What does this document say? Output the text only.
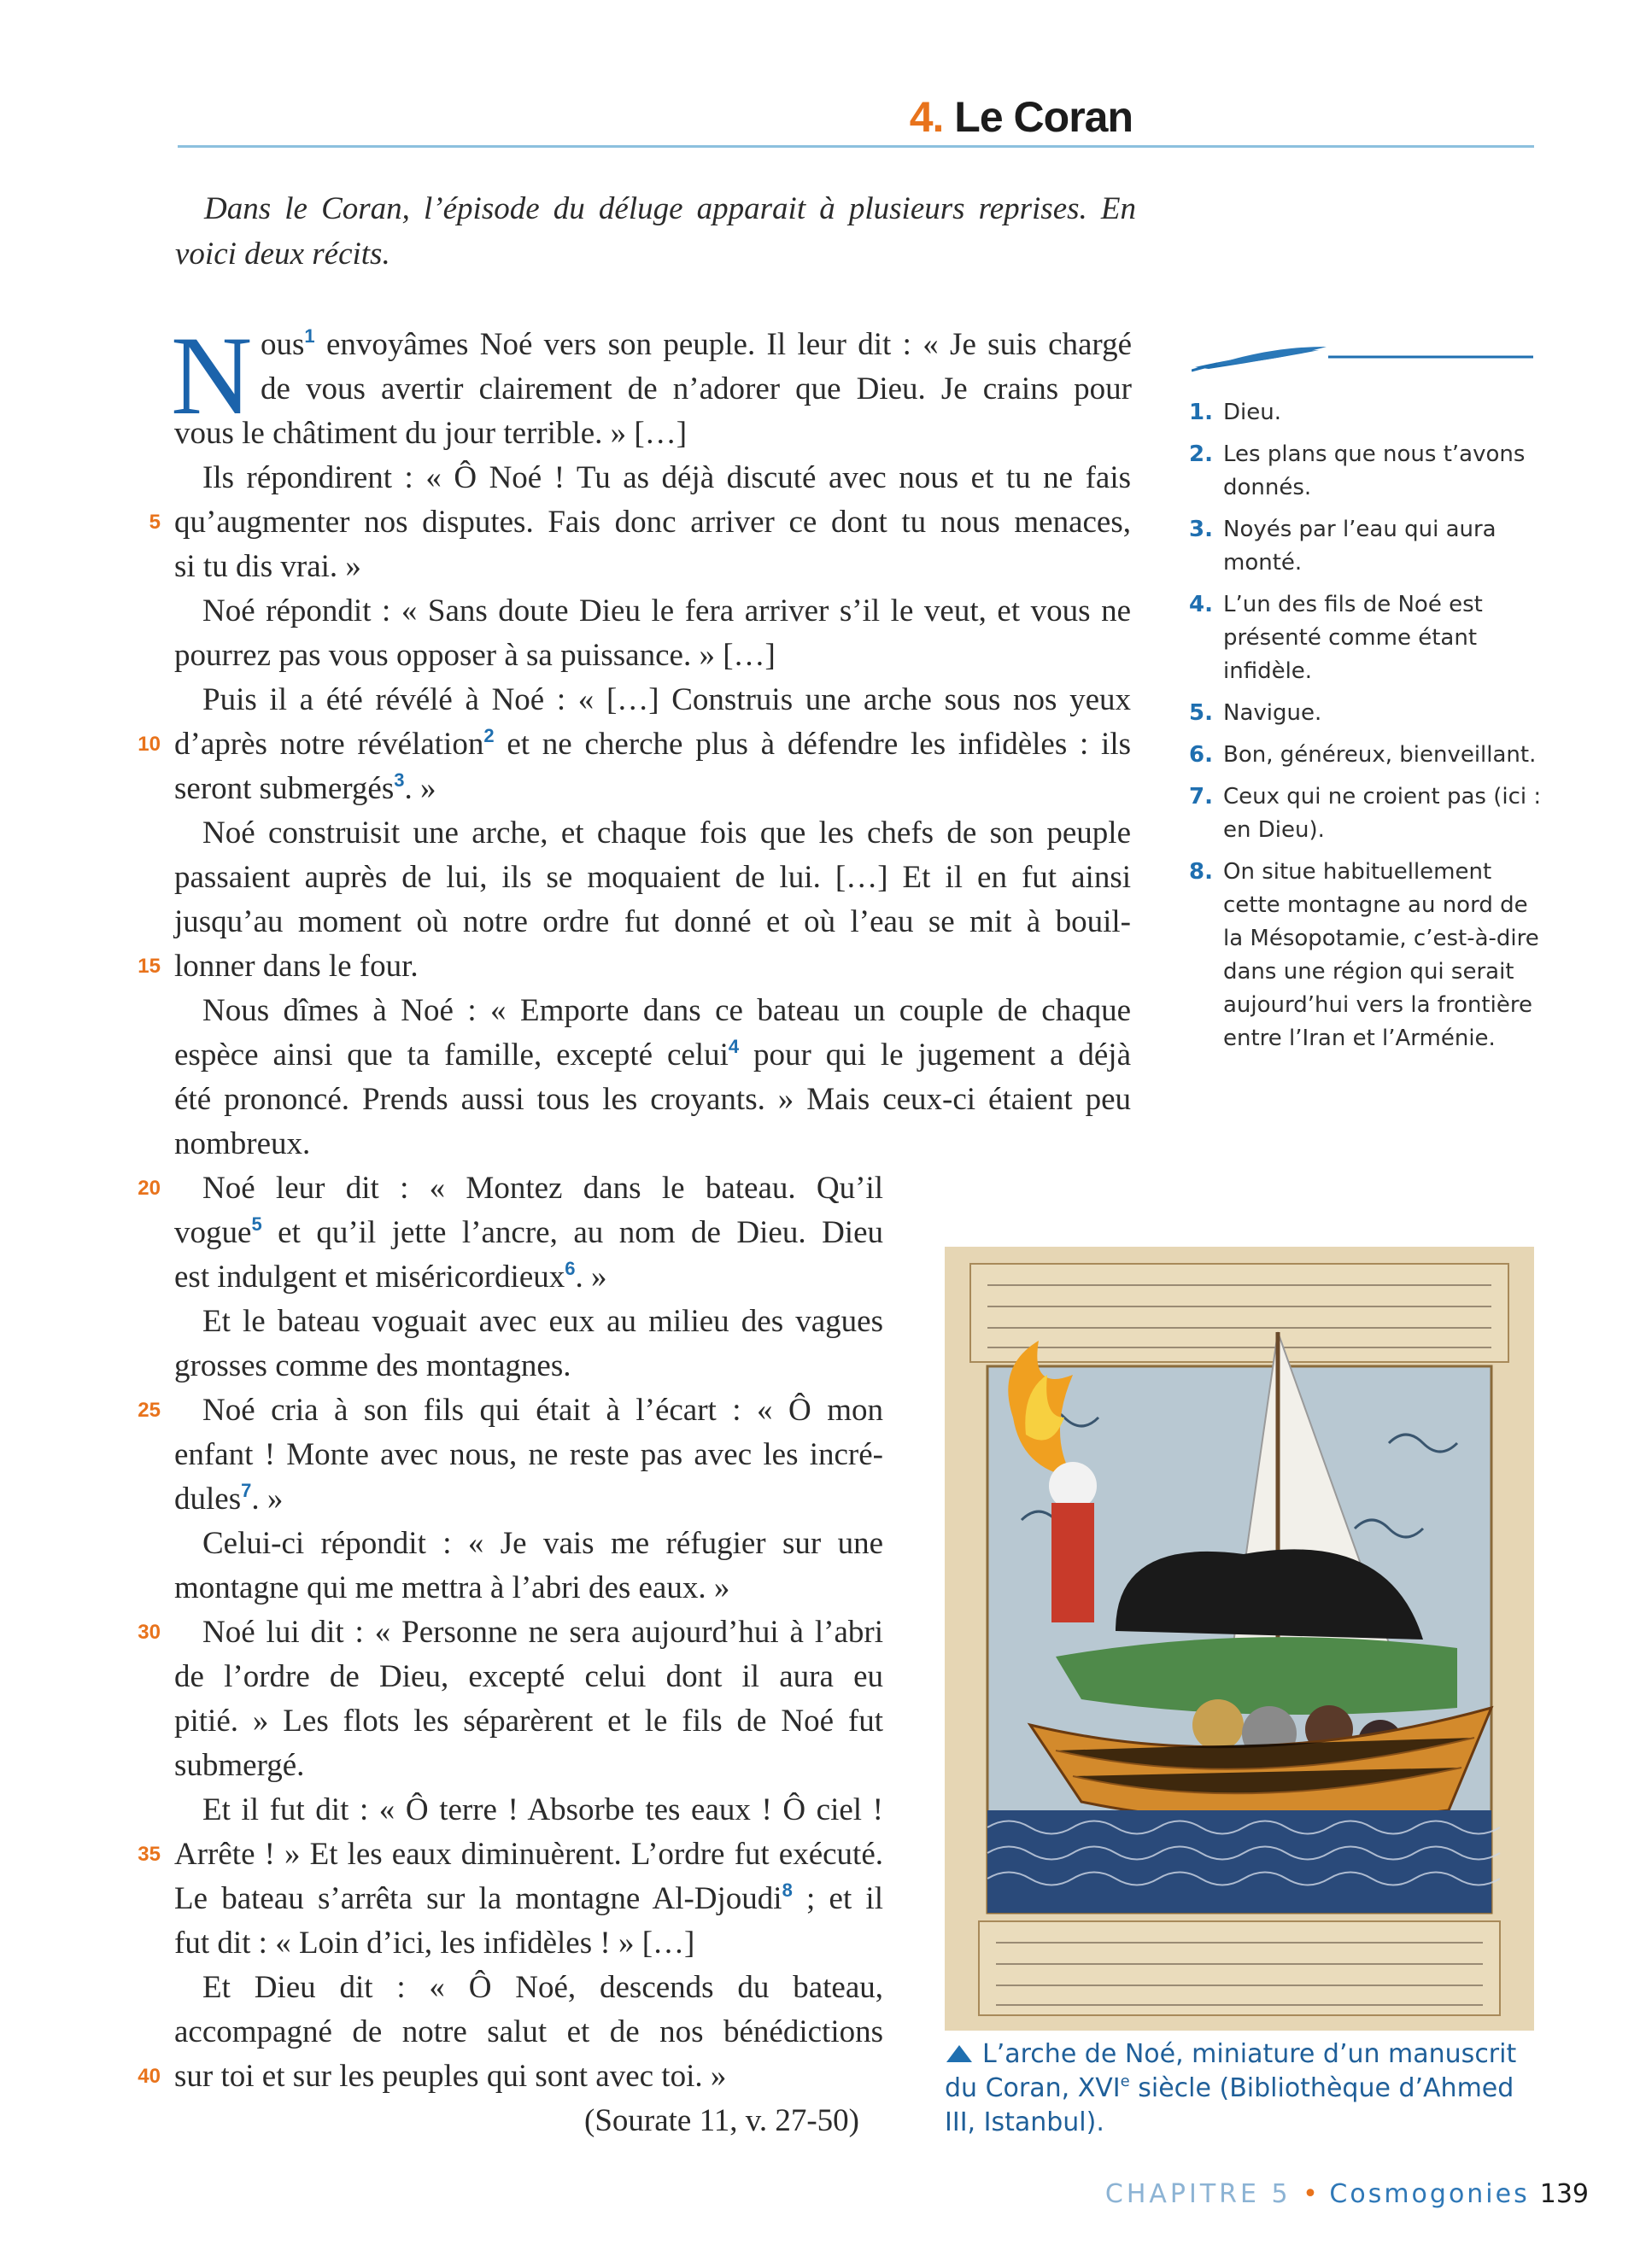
4. Le Coran

Dans le Coran, l’épisode du déluge apparait à plusieurs reprises. En voici deux récits.

N ous$^1$ envoyâmes Noé vers son peuple. Il leur dit : « Je suis chargé

de vous avertir clairement de n’adorer que Dieu. Je crains pour

vous le châtiment du jour terrible. » […]

Ils répondirent : « Ô Noé ! Tu as déjà discuté avec nous et tu ne fais

qu’augmenter nos disputes. Fais donc arriver ce dont tu nous menaces,

si tu dis vrai. »

Noé répondit : « Sans doute Dieu le fera arriver s’il le veut, et vous ne

pourrez pas vous opposer à sa puissance. » […]

Puis il a été révélé à Noé : « […] Construis une arche sous nos yeux

d’après notre révélation$^2$ et ne cherche plus à défendre les infidèles : ils

seront submergés$^3$. »

Noé construisit une arche, et chaque fois que les chefs de son peuple

passaient auprès de lui, ils se moquaient de lui. […] Et il en fut ainsi

jusqu’au moment où notre ordre fut donné et où l’eau se mit à bouil-

lonner dans le four.

Nous dîmes à Noé : « Emporte dans ce bateau un couple de chaque

espèce ainsi que ta famille, excepté celui$^4$ pour qui le jugement a déjà

été prononcé. Prends aussi tous les croyants. » Mais ceux-ci étaient peu

nombreux.

Noé leur dit : « Montez dans le bateau. Qu’il

vogue$^5$ et qu’il jette l’ancre, au nom de Dieu. Dieu

est indulgent et miséricordieux$^6$. »

Et le bateau voguait avec eux au milieu des vagues

grosses comme des montagnes.

Noé cria à son fils qui était à l’écart : « Ô mon

enfant ! Monte avec nous, ne reste pas avec les incré-

dules$^7$. »

Celui-ci répondit : « Je vais me réfugier sur une

montagne qui me mettra à l’abri des eaux. »

Noé lui dit : « Personne ne sera aujourd’hui à l’abri

de l’ordre de Dieu, excepté celui dont il aura eu

pitié. » Les flots les séparèrent et le fils de Noé fut

submergé.

Et il fut dit : « Ô terre ! Absorbe tes eaux ! Ô ciel !

Arrête ! » Et les eaux diminuèrent. L’ordre fut exécuté.

Le bateau s’arrêta sur la montagne Al-Djoudi$^8$ ; et il

fut dit : « Loin d’ici, les infidèles ! » […]

Et Dieu dit : « Ô Noé, descends du bateau,

accompagné de notre salut et de nos bénédictions

sur toi et sur les peuples qui sont avec toi. »

(Sourate 11, v. 27-50)

5
10
15
20
25
30
35
40
1. Dieu.
2. Les plans que nous t’avons donnés.
3. Noyés par l’eau qui aura monté.
4. L’un des fils de Noé est présenté comme étant infidèle.
5. Navigue.
6. Bon, généreux, bienveillant.
7. Ceux qui ne croient pas (ici : en Dieu).
8. On situe habituellement cette montagne au nord de la Mésopotamie, c’est-à-dire dans une région qui serait aujourd’hui vers la frontière entre l’Iran et l’Arménie.
L’arche de Noé, miniature d’un manuscrit du Coran, XVIe siècle (Bibliothèque d’Ahmed III, Istanbul).
CHAPITRE 5 • Cosmogonies 139
